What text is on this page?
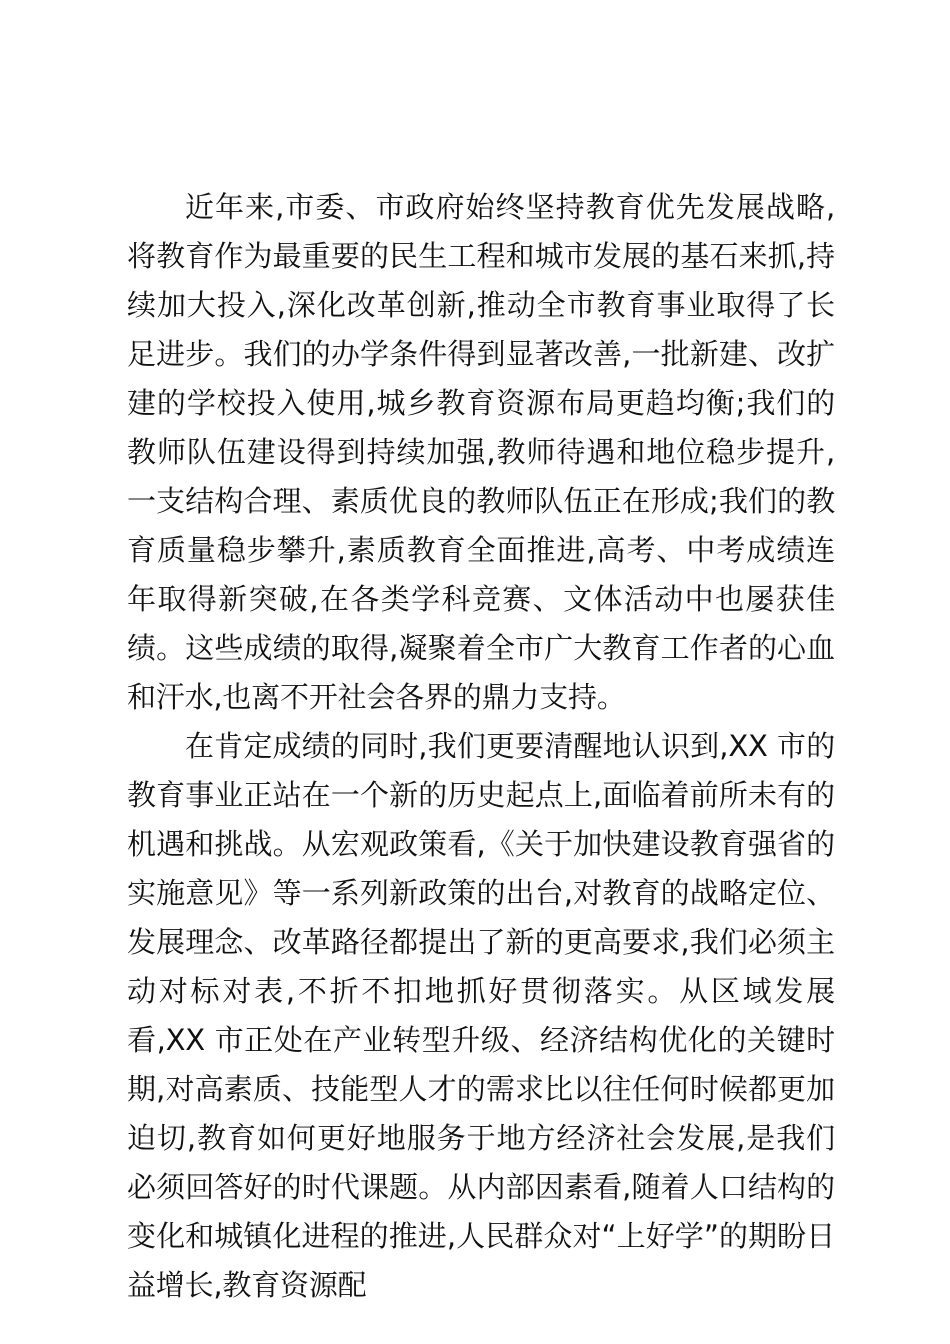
近年来,市委、市政府始终坚持教育优先发展战略,将教育作为最重要的民生工程和城市发展的基石来抓,持续加大投入,深化改革创新,推动全市教育事业取得了长足进步。我们的办学条件得到显著改善,一批新建、改扩建的学校投入使用,城乡教育资源布局更趋均衡;我们的教师队伍建设得到持续加强,教师待遇和地位稳步提升,一支结构合理、素质优良的教师队伍正在形成;我们的教育质量稳步攀升,素质教育全面推进,高考、中考成绩连年取得新突破,在各类学科竞赛、文体活动中也屡获佳绩。这些成绩的取得,凝聚着全市广大教育工作者的心血和汗水,也离不开社会各界的鼎力支持。

在肯定成绩的同时,我们更要清醒地认识到,XX 市的教育事业正站在一个新的历史起点上,面临着前所未有的机遇和挑战。从宏观政策看,《关于加快建设教育强省的实施意见》等一系列新政策的出台,对教育的战略定位、发展理念、改革路径都提出了新的更高要求,我们必须主动对标对表,不折不扣地抓好贯彻落实。从区域发展看,XX 市正处在产业转型升级、经济结构优化的关键时期,对高素质、技能型人才的需求比以往任何时候都更加迫切,教育如何更好地服务于地方经济社会发展,是我们必须回答好的时代课题。从内部因素看,随着人口结构的变化和城镇化进程的推进,人民群众对“上好学”的期盼日益增长,教育资源配
